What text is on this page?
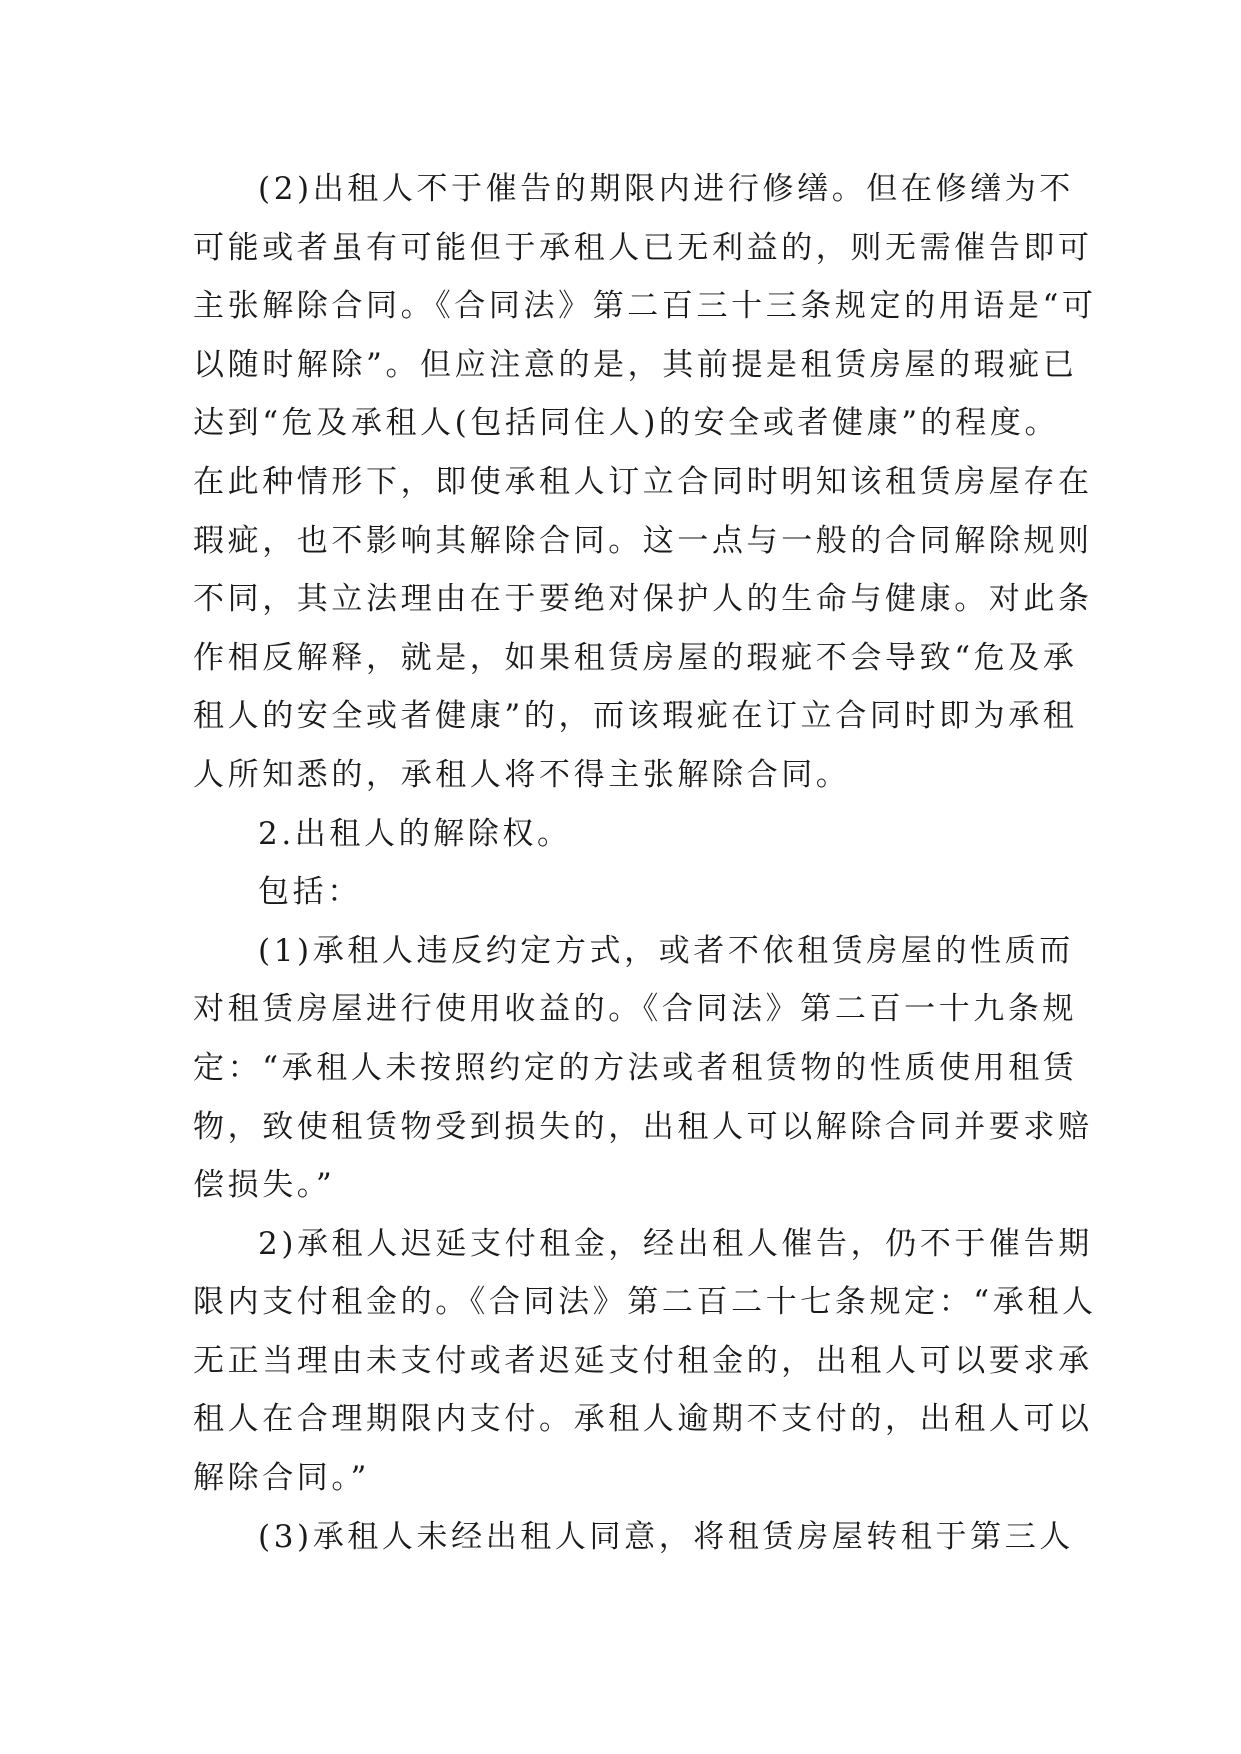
(2)出租人不于催告的期限内进行修缮。但在修缮为不
可能或者虽有可能但于承租人已无利益的，则无需催告即可
主张解除合同。《合同法》第二百三十三条规定的用语是“可
以随时解除”。但应注意的是，其前提是租赁房屋的瑕疵已
达到“危及承租人(包括同住人)的安全或者健康”的程度。
在此种情形下，即使承租人订立合同时明知该租赁房屋存在
瑕疵，也不影响其解除合同。这一点与一般的合同解除规则
不同，其立法理由在于要绝对保护人的生命与健康。对此条
作相反解释，就是，如果租赁房屋的瑕疵不会导致“危及承
租人的安全或者健康”的，而该瑕疵在订立合同时即为承租
人所知悉的，承租人将不得主张解除合同。
2.出租人的解除权。
包括：
(1)承租人违反约定方式，或者不依租赁房屋的性质而
对租赁房屋进行使用收益的。《合同法》第二百一十九条规
定：“承租人未按照约定的方法或者租赁物的性质使用租赁
物，致使租赁物受到损失的，出租人可以解除合同并要求赔
偿损失。”
2)承租人迟延支付租金，经出租人催告，仍不于催告期
限内支付租金的。《合同法》第二百二十七条规定：“承租人
无正当理由未支付或者迟延支付租金的，出租人可以要求承
租人在合理期限内支付。承租人逾期不支付的，出租人可以
解除合同。”
(3)承租人未经出租人同意，将租赁房屋转租于第三人
